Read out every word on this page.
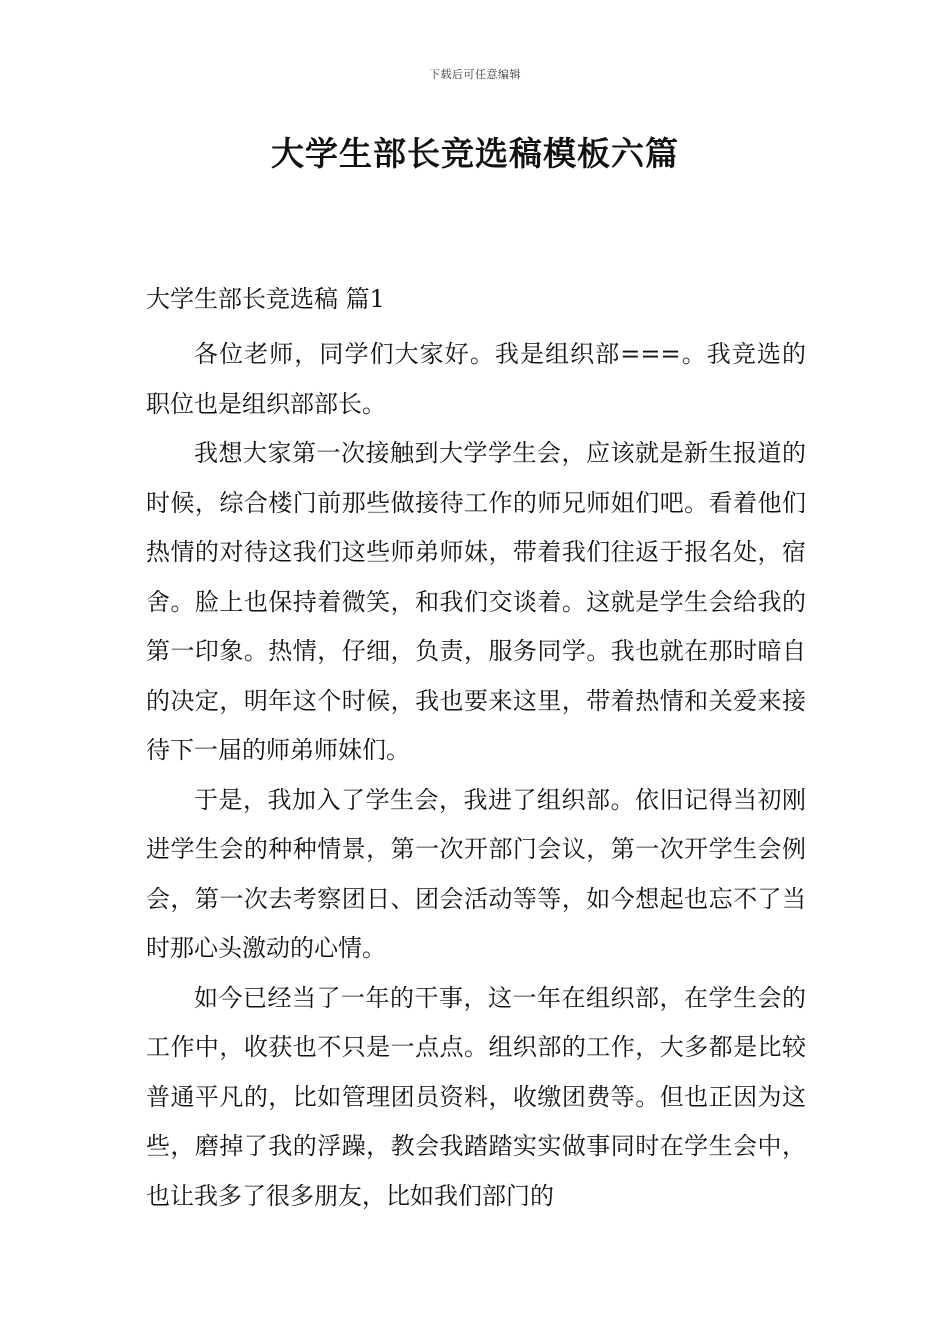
下载后可任意编辑
大学生部长竞选稿模板六篇
大学生部长竞选稿 篇1

各位老师，同学们大家好。我是组织部===。我竞选的职位也是组织部部长。

我想大家第一次接触到大学学生会，应该就是新生报道的时候，综合楼门前那些做接待工作的师兄师姐们吧。看着他们热情的对待这我们这些师弟师妹，带着我们往返于报名处，宿舍。脸上也保持着微笑，和我们交谈着。这就是学生会给我的第一印象。热情，仔细，负责，服务同学。我也就在那时暗自的决定，明年这个时候，我也要来这里，带着热情和关爱来接待下一届的师弟师妹们。

于是，我加入了学生会，我进了组织部。依旧记得当初刚进学生会的种种情景，第一次开部门会议，第一次开学生会例会，第一次去考察团日、团会活动等等，如今想起也忘不了当时那心头激动的心情。

如今已经当了一年的干事，这一年在组织部，在学生会的工作中，收获也不只是一点点。组织部的工作，大多都是比较普通平凡的，比如管理团员资料，收缴团费等。但也正因为这些，磨掉了我的浮躁，教会我踏踏实实做事同时在学生会中，也让我多了很多朋友，比如我们部门的
